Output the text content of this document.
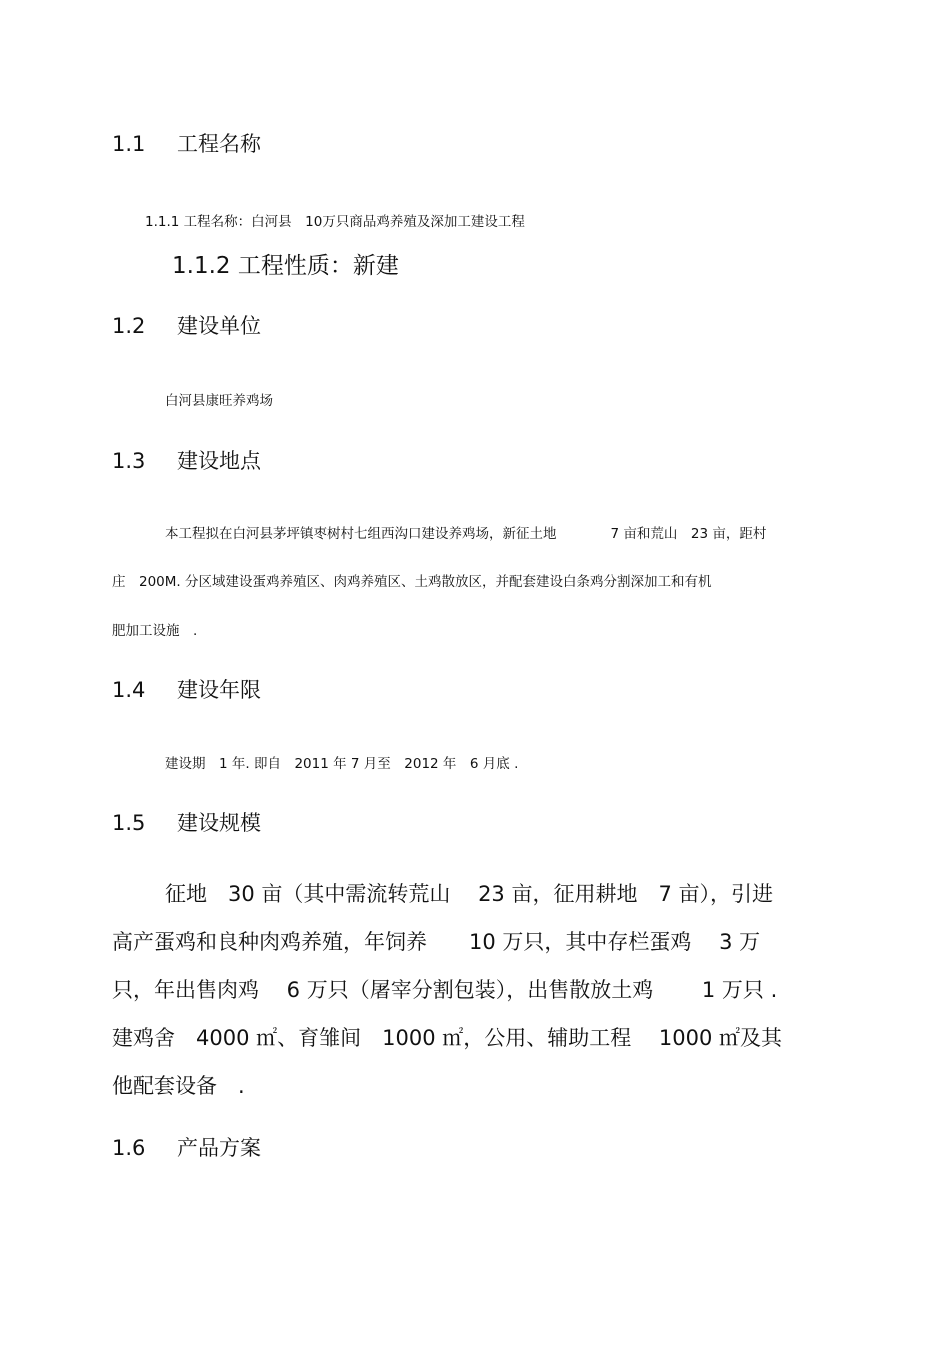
1.1 工程名称
1.1.1 工程名称：白河县　10万只商品鸡养殖及深加工建设工程
1.1.2 工程性质：新建
1.2 建设单位
白河县康旺养鸡场
1.3 建设地点
本工程拟在白河县茅坪镇枣树村七组西沟口建设养鸡场，新征土地　　　　7 亩和荒山　23 亩，距村
庄　200M. 分区域建设蛋鸡养殖区、肉鸡养殖区、土鸡散放区，并配套建设白条鸡分割深加工和有机
肥加工设施　.
1.4 建设年限
建设期　1 年. 即自　2011 年 7 月至　2012 年　6 月底 .
1.5 建设规模
征地　30 亩（其中需流转荒山　 23 亩，征用耕地　7 亩），引进
高产蛋鸡和良种肉鸡养殖，年饲养　　10 万只，其中存栏蛋鸡　 3 万
只，年出售肉鸡　 6 万只（屠宰分割包装），出售散放土鸡　　 1 万只 .
建鸡舍　4000 ㎡、育雏间　1000 ㎡，公用、辅助工程　 1000 ㎡及其
他配套设备　.
1.6 产品方案
